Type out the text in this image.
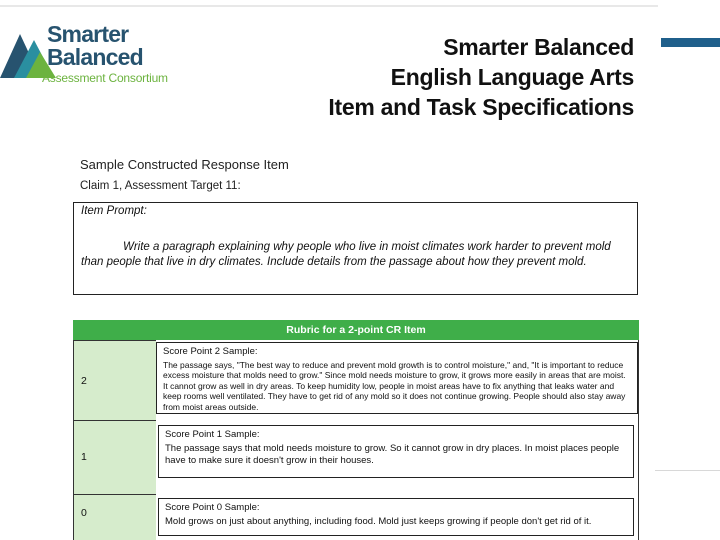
Smarter
Balanced
Assessment Consortium
Smarter Balanced
English Language Arts
Item and Task Specifications
Sample Constructed Response Item
Claim 1, Assessment Target 11:
Item Prompt:
Write a paragraph explaining why people who live in moist climates work harder to prevent mold than people that live in dry climates. Include details from the passage about how they prevent mold.
Rubric for a 2-point CR Item
2
Score Point 2 Sample:
The passage says, "The best way to reduce and prevent mold growth is to control moisture," and, "It is important to reduce excess moisture that molds need to grow." Since mold needs moisture to grow, it grows more easily in areas that are moist. It cannot grow as well in dry areas. To keep humidity low, people in moist areas have to fix anything that leaks water and keep rooms well ventilated. They have to get rid of any mold so it does not continue growing. People should also stay away from moist areas outside.
1
Score Point 1 Sample:
The passage says that mold needs moisture to grow. So it cannot grow in dry places. In moist places people have to make sure it doesn't grow in their houses.
0	Score Point 0 Sample:
Mold grows on just about anything, including food. Mold just keeps growing if people don't get rid of it.
